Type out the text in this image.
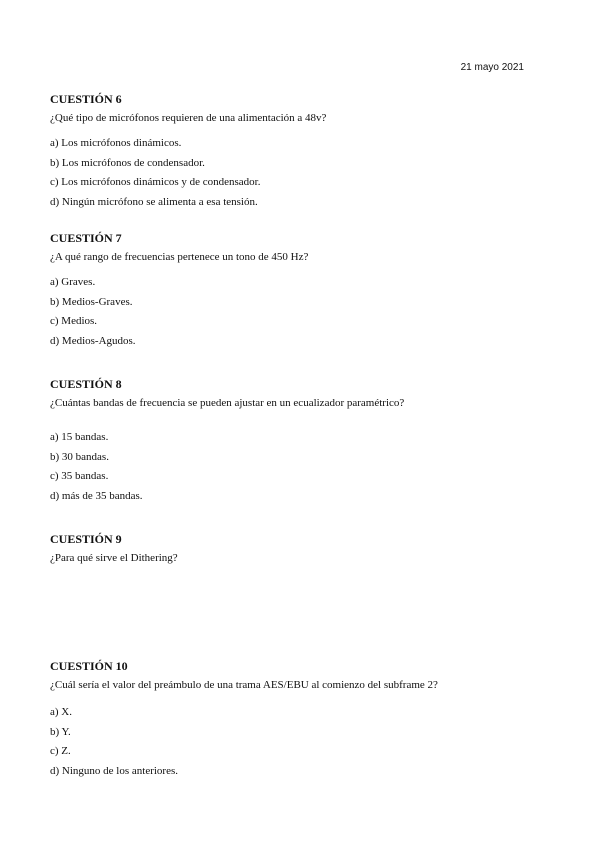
21 mayo 2021

CUESTIÓN 6

¿Qué tipo de micrófonos requieren de una alimentación a 48v?

a) Los micrófonos dinámicos.
b) Los micrófonos de condensador.
c) Los micrófonos dinámicos y de condensador.
d) Ningún micrófono se alimenta a esa tensión.

CUESTIÓN 7

¿A qué rango de frecuencias pertenece un tono de 450 Hz?

a) Graves.
b) Medios-Graves.
c) Medios.
d) Medios-Agudos.

CUESTIÓN 8

¿Cuántas bandas de frecuencia se pueden ajustar en un ecualizador paramétrico?

a) 15 bandas.
b) 30 bandas.
c) 35 bandas.
d) más de 35 bandas.

CUESTIÓN 9

¿Para qué sirve el Dithering?

CUESTIÓN 10

¿Cuál sería el valor del preámbulo de una trama AES/EBU al comienzo del subframe 2?

a) X.
b) Y.
c) Z.
d) Ninguno de los anteriores.
